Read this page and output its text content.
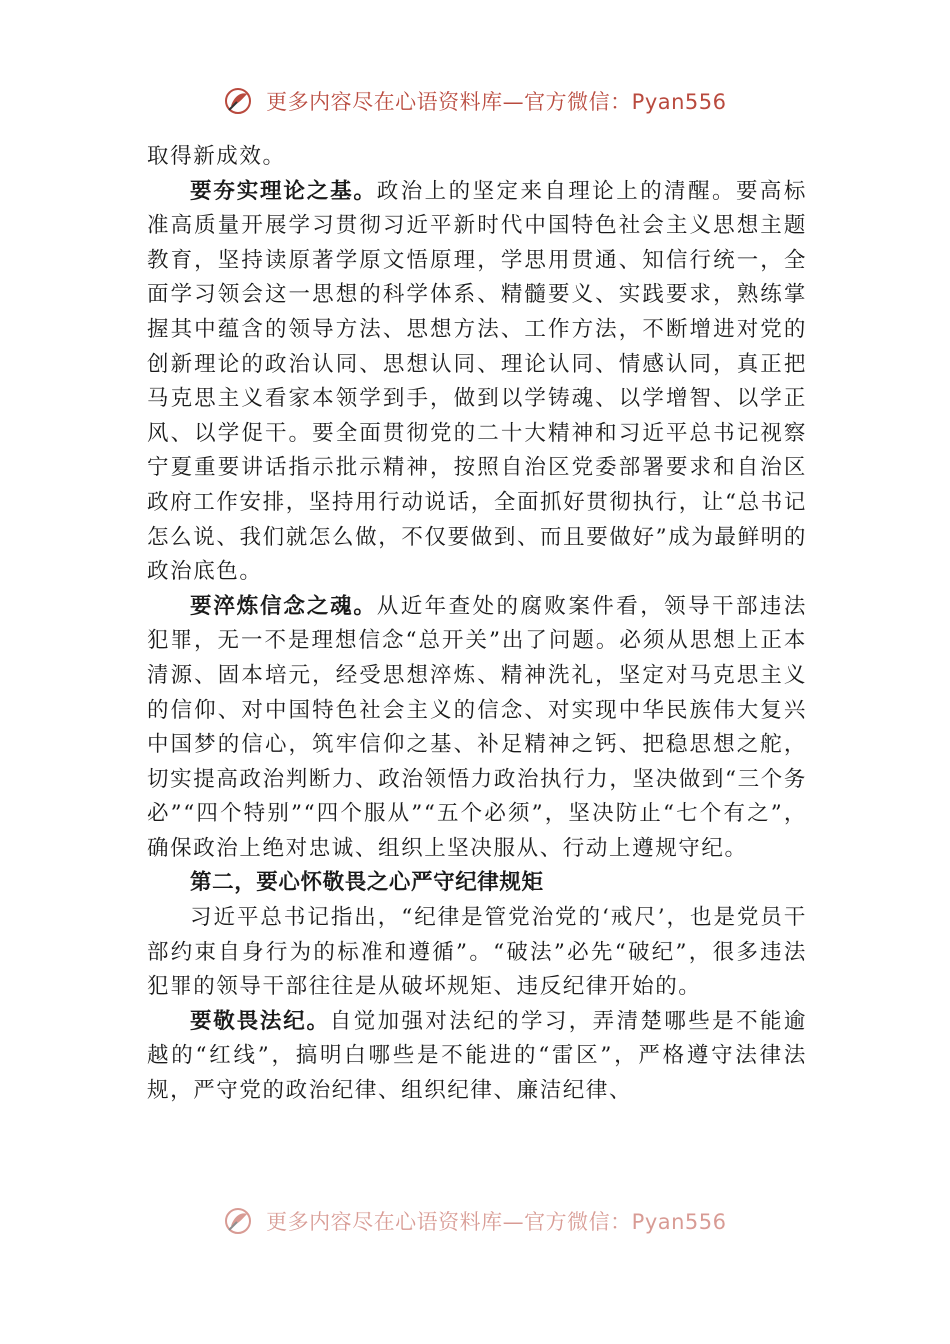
更多内容尽在心语资料库—官方微信：Pyan556

取得新成效。

要夯实理论之基。政治上的坚定来自理论上的清醒。要高标准高质量开展学习贯彻习近平新时代中国特色社会主义思想主题教育，坚持读原著学原文悟原理，学思用贯通、知信行统一，全面学习领会这一思想的科学体系、精髓要义、实践要求，熟练掌握其中蕴含的领导方法、思想方法、工作方法，不断增进对党的创新理论的政治认同、思想认同、理论认同、情感认同，真正把马克思主义看家本领学到手，做到以学铸魂、以学增智、以学正风、以学促干。要全面贯彻党的二十大精神和习近平总书记视察宁夏重要讲话指示批示精神，按照自治区党委部署要求和自治区政府工作安排，坚持用行动说话，全面抓好贯彻执行，让“总书记怎么说、我们就怎么做，不仅要做到、而且要做好”成为最鲜明的政治底色。

要淬炼信念之魂。从近年查处的腐败案件看，领导干部违法犯罪，无一不是理想信念“总开关”出了问题。必须从思想上正本清源、固本培元，经受思想淬炼、精神洗礼，坚定对马克思主义的信仰、对中国特色社会主义的信念、对实现中华民族伟大复兴中国梦的信心，筑牢信仰之基、补足精神之钙、把稳思想之舵，切实提高政治判断力、政治领悟力政治执行力，坚决做到“三个务必”“四个特别”“四个服从”“五个必须”，坚决防止“七个有之”，确保政治上绝对忠诚、组织上坚决服从、行动上遵规守纪。

第二，要心怀敬畏之心严守纪律规矩

习近平总书记指出，“纪律是管党治党的‘戒尺’，也是党员干部约束自身行为的标准和遵循”。“破法”必先“破纪”，很多违法犯罪的领导干部往往是从破坏规矩、违反纪律开始的。

要敬畏法纪。自觉加强对法纪的学习，弄清楚哪些是不能逾越的“红线”，搞明白哪些是不能进的“雷区”，严格遵守法律法规，严守党的政治纪律、组织纪律、廉洁纪律、

更多内容尽在心语资料库—官方微信：Pyan556
